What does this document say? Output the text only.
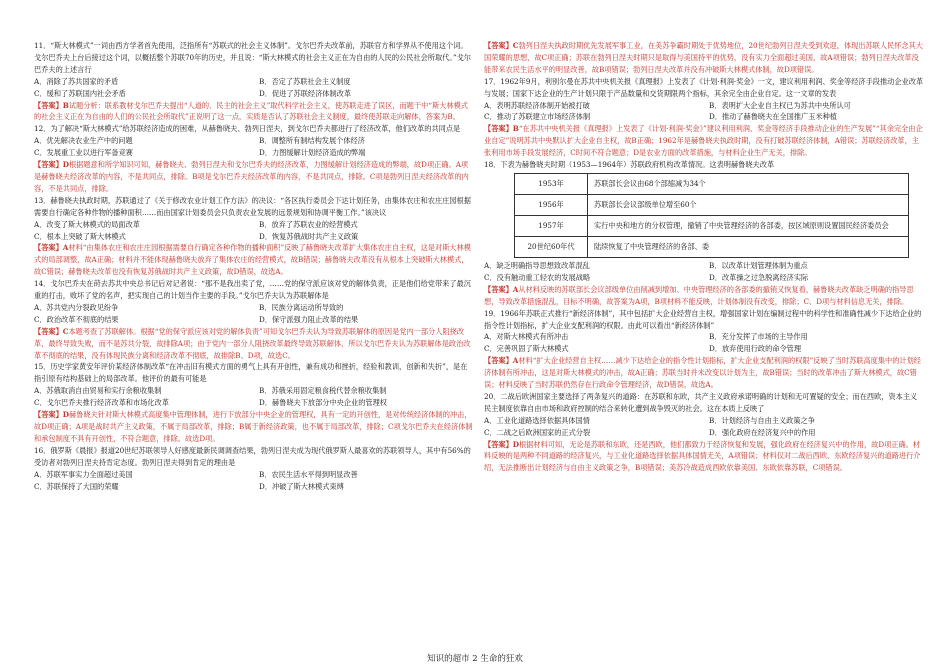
11．“斯大林模式”一词由西方学者首先使用，泛指所有“苏联式的社会主义体制”。戈尔巴乔夫改革前，苏联官方和学界从不使用这个词。戈尔巴乔夫上台后接过这个词，以概括整个苏联70年的历史，并且说：“斯大林模式的社会主义正在为自由的人民的公民社会所取代。”戈尔巴乔夫的上述言行

A．消除了苏共国家的矛盾	B．否定了苏联社会主义制度
C．缓和了苏联国内社会矛盾	D．促进了苏联经济体制改革

【答案】B试题分析：联系教材戈尔巴乔夫提出“人道的、民主的社会主义”取代科学社会主义，使苏联走进了误区，而题干中“斯大林模式的社会主义正在为自由的人们的公民社会所取代”正说明了这一点，实质是否认了苏联社会主义制度，最终使苏联走向解体，答案为B。

12．为了解决“斯大林模式”给苏联经济造成的困难，从赫鲁晓夫、勃列日涅夫，到戈尔巴乔夫都进行了经济改革，他们改革的共同点是

A．优先解决农业生产中的问题	B．调整所有制结构发展个体经济
C．发展重工业以进行军备竞赛	D．力图缓解计划经济造成的弊端

【答案】D根据题意和所学知识可知，赫鲁晓夫、勃列日涅夫和戈尔巴乔夫的经济改革，力图缓解计划经济造成的弊端，故D项正确。A项是赫鲁晓夫经济改革的内容，不是共同点，排除。B项是戈尔巴乔夫经济改革的内容，不是共同点，排除。C项是勃列日涅夫经济改革的内容，不是共同点，排除。

13．赫鲁晓夫执政时期，苏联通过了《关于修改农业计划工作方法》的决议：“各区执行委员会下达计划任务，由集体农庄和农庄庄园根据需要自行确定各种作物的播种面积……而由国家计划委员会只负责农业发展的远景规划和协调平衡工作。”该决议

A．改变了斯大林模式的局面改革	B．放弃了苏联农业的经营模式
C．根本上突破了斯大林模式	D．恢复苏俄战时共产主义政策

【答案】A材料“由集体农庄和农庄庄园根据需要自行确定各种作物的播种面积”反映了赫鲁晓夫改革扩大集体农庄自主权，这是对斯大林模式的局部调整，故A正确；材料并不能体现赫鲁晓夫放弃了集体农庄的经营模式，故B错误；赫鲁晓夫改革没有从根本上突破斯大林模式，故C错误；赫鲁晓夫改革也没有恢复苏俄战时共产主义政策，故D错误，故选A。

14．戈尔巴乔夫在莳去苏共中央总书记后对记者说：“那不是我出卖了党，……党的保守派应该对党的解体负责，正是他们给党带来了最沉重的打击，败坏了党的名声，把实现自己的计划当作主要的手段。”戈尔巴乔夫认为苏联解体是

A．苏共党内分裂政见纷争	B．民族分离运动所导致的
C．政治改革不彻底的结果	D．保守派强力阻止改革的结果

【答案】C本题考查了苏联解体。根据“党的保守派应该对党的解体负责”可知戈尔巴乔夫认为导致苏联解体的原因是党内一部分人阻挠改革，最终导致失败，而不是苏共分裂，故排除A项；由于党内一部分人阻挠改革最终导致苏联解体，所以戈尔巴乔夫认为苏联解体是政治改革不彻底的结果，没有体现民族分离和经济改革不彻底，故排除B、D项，故选C。

15．历史学家黄安年评价某经济体制改革“在冲击旧有模式方面的勇气上具有开创性，兼有成功和挫折，经验和教训，创新和失折”，是在指引原有结构基础上的局部改革。他评价的最有可能是

A．苏俄取消自由贸易和实行余粮收集制	B．苏俄采用固定粮食税代替余粮收集制
C．戈尔巴乔夫推行经济改革和市场化改革	D．赫鲁晓夫下放部分中央企业的管理权

【答案】D赫鲁晓夫针对斯大林模式高度集中管理体制，进行下放部分中央企业的管理权，具有一定的开创性，是对传统经济体制的冲击，故D项正确；A项是战时共产主义政策，不属于局部改革，排除；B属于新经济政策，也不属于局部改革，排除；C项戈尔巴乔夫在经济体制和承包制度不具有开创性，不符合题意，排除。故选D项。

16．俄罗斯《晨报》报道20世纪苏联领导人好感度最新民调调查结果，勃列日涅夫成为现代俄罗斯人最喜欢的苏联领导人，其中有56%的受访者对勃列日涅夫持肯定态度。勃列日涅夫得到肯定的理由是

A．苏联军事实力全面超过美国	B．农民生活水平得到明显改善
C．苏联保持了大国的荣耀	D．冲破了斯大林模式束缚

【答案】C勃列日涅夫执政时期优先发展军事工业，在美苏争霸时期处于优势地位，20世纪勃列日涅夫受到欢迎，体现出苏联人民怀念其大国荣耀的思想，故C项正确；苏联在勃列日涅夫时期只是取得与美国持平的优势，没有实力全面超过美国，故A项错误；勃列日涅夫改革没能带来农民生活水平的明显改善，故B项错误；勃列日涅夫改革并没有冲破斯大林模式体制，故D项错误。

17．1962年9月，利别尔曼在苏共中央机关报《真理报》上发表了《计划·利润·奖金》一文，建议利用利润、奖金等经济手段推动企业改革与发展；国家下达企业的生产计划只限于产品数量和交货期限两个指标，其余完全由企业自定。这一文章的发表

A．表明苏联经济体制开始被打破	B．表明扩大企业自主权已为苏共中央所认可
C．推动了苏联建立市场经济体制	D．推动了赫鲁晓夫在全国推广玉米种植

【答案】B“在苏共中央机关报《真理报》上发表了《计划·利润·奖金》”建议利用利润、奖金等经济手段推动企业的生产发展”“其余完全由企业自定”说明苏共中央默认扩大企业自主权，故B正确；1962年是赫鲁晓夫执政时期，没有打破苏联经济体制，A错误；苏联经济改革，主张利用市场手段发展经济，C时间不符合题意；D是农业方面的改革措施，与材料企业生产无关，排除。

18．下表为赫鲁晓夫时期（1953—1964年）苏联政府机构改革情况。这表明赫鲁晓夫改革

1953年	苏联部长会议由68个部缩减为34个
1956年	苏联部长会议部级单位增至60个
1957年	实行中央和地方的分权管理，撤销了中央管理经济的各部委，按区域原则设置国民经济委员会
20世纪60年代	陆续恢复了中央管理经济的各部、委
A．缺乏明确指导思想致改革混乱	B．以改革计划管理体制为重点
C．没有触动重工轻农的发展战略	D．改革操之过急脱离经济实际

【答案】A从材料反映的苏联部长会议部级单位由削减到增加、中央管理经济的各部委的撤销又恢复看，赫鲁晓夫改革缺乏明确的指导思想，导致改革措施混乱，目标不明确，故答案为A项，B项材料不能反映，计划体制没有改变，排除；C、D项与材料信息无关，排除。

19．1966年苏联正式推行“新经济体制”，其中包括扩大企业经营自主权，增强国家计划在编制过程中的科学性和准确性减少下达给企业的指令性计划指标，扩大企业支配利润的权限。由此可以看出“新经济体制”

A．对斯大林模式有所冲击	B．充分发挥了市场的主导作用
C．完善巩固了斯大林模式	D．放弃使用行政的命令管理

【答案】A材料“扩大企业经营自主权……减少下达给企业的指令性计划指标，扩大企业支配利润的权限”反映了当时苏联高度集中的计划经济体制有所冲击，这是对斯大林模式的冲击，故A正确；苏联当时并未改变以计划为主，故B错误；当时的改革冲击了斯大林模式，故C错误；材料反映了当时苏联仍然存在行政命令管理经济，故D错误，故选A。

20．二战后欧洲国家主要选择了两条复兴的道路：在苏联和东欧，共产主义政府承诺明确的计划和无可置疑的安全；而在西欧，资本主义民主制度依靠自由市场和政府控制的结合来转化遭到战争毁灭的社会。这在本质上反映了

A．工业化道路选择依据具体国情	B．计划经济与自由主义政策之争
C．二战之后欧洲国家的正式分裂	D．强化政府在经济复兴中的作用

【答案】D根据材料可知，无论是苏联和东欧，还是西欧，他们都致力于经济恢复和发展，强化政府在经济复兴中的作用，故D项正确。材料反映的是两种不同道路的经济复兴，与工业化道路选择依据具体国情无关，A项错误；材料仅对二战后西欧、东欧经济复兴的道路进行介绍，无法推断出计划经济与自由主义政策之争，B项错误；美苏冷战造成西欧依靠美国、东欧依靠苏联，C项错误。

知识的超市 2 生命的狂欢
